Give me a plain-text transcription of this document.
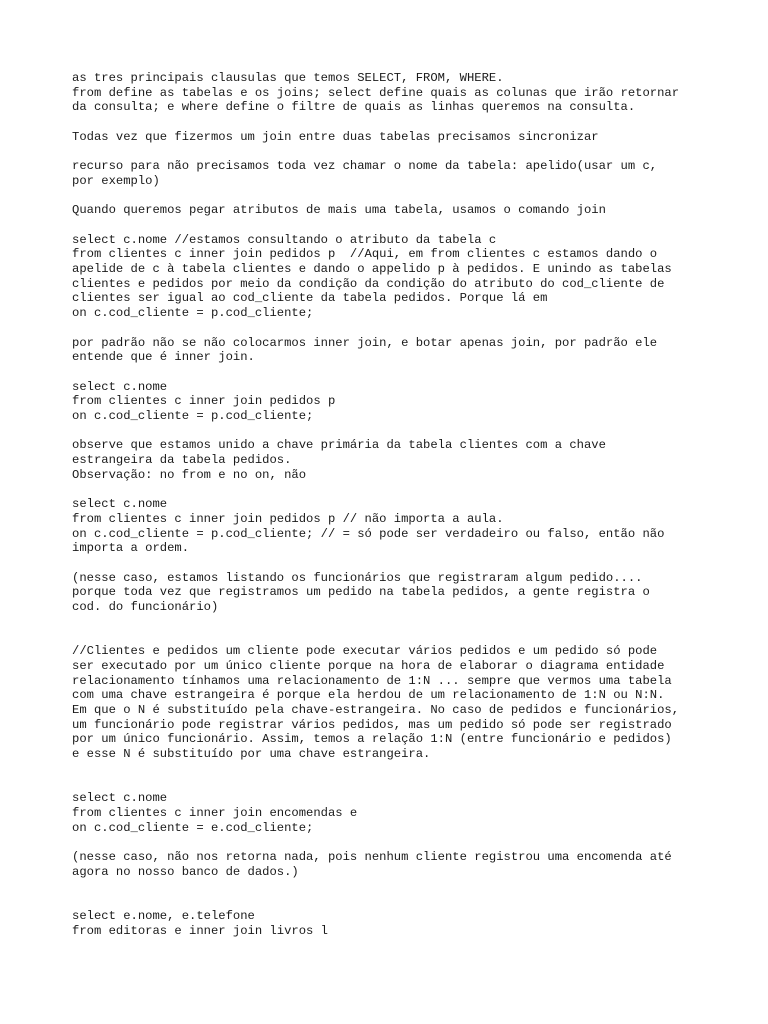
as tres principais clausulas que temos SELECT, FROM, WHERE.
from define as tabelas e os joins; select define quais as colunas que irão retornar
da consulta; e where define o filtre de quais as linhas queremos na consulta.
Todas vez que fizermos um join entre duas tabelas precisamos sincronizar
recurso para não precisamos toda vez chamar o nome da tabela: apelido(usar um c,
por exemplo)
Quando queremos pegar atributos de mais uma tabela, usamos o comando join
select c.nome //estamos consultando o atributo da tabela c
from clientes c inner join pedidos p  //Aqui, em from clientes c estamos dando o
apelide de c à tabela clientes e dando o appelido p à pedidos. E unindo as tabelas
clientes e pedidos por meio da condição da condição do atributo do cod_cliente de
clientes ser igual ao cod_cliente da tabela pedidos. Porque lá em
on c.cod_cliente = p.cod_cliente;
por padrão não se não colocarmos inner join, e botar apenas join, por padrão ele
entende que é inner join.
select c.nome
from clientes c inner join pedidos p
on c.cod_cliente = p.cod_cliente;
observe que estamos unido a chave primária da tabela clientes com a chave
estrangeira da tabela pedidos.
Observação: no from e no on, não
select c.nome
from clientes c inner join pedidos p // não importa a aula.
on c.cod_cliente = p.cod_cliente; // = só pode ser verdadeiro ou falso, então não
importa a ordem.
(nesse caso, estamos listando os funcionários que registraram algum pedido....
porque toda vez que registramos um pedido na tabela pedidos, a gente registra o
cod. do funcionário)
//Clientes e pedidos um cliente pode executar vários pedidos e um pedido só pode
ser executado por um único cliente porque na hora de elaborar o diagrama entidade
relacionamento tínhamos uma relacionamento de 1:N ... sempre que vermos uma tabela
com uma chave estrangeira é porque ela herdou de um relacionamento de 1:N ou N:N.
Em que o N é substituído pela chave-estrangeira. No caso de pedidos e funcionários,
um funcionário pode registrar vários pedidos, mas um pedido só pode ser registrado
por um único funcionário. Assim, temos a relação 1:N (entre funcionário e pedidos)
e esse N é substituído por uma chave estrangeira.
select c.nome
from clientes c inner join encomendas e
on c.cod_cliente = e.cod_cliente;
(nesse caso, não nos retorna nada, pois nenhum cliente registrou uma encomenda até
agora no nosso banco de dados.)
select e.nome, e.telefone
from editoras e inner join livros l
